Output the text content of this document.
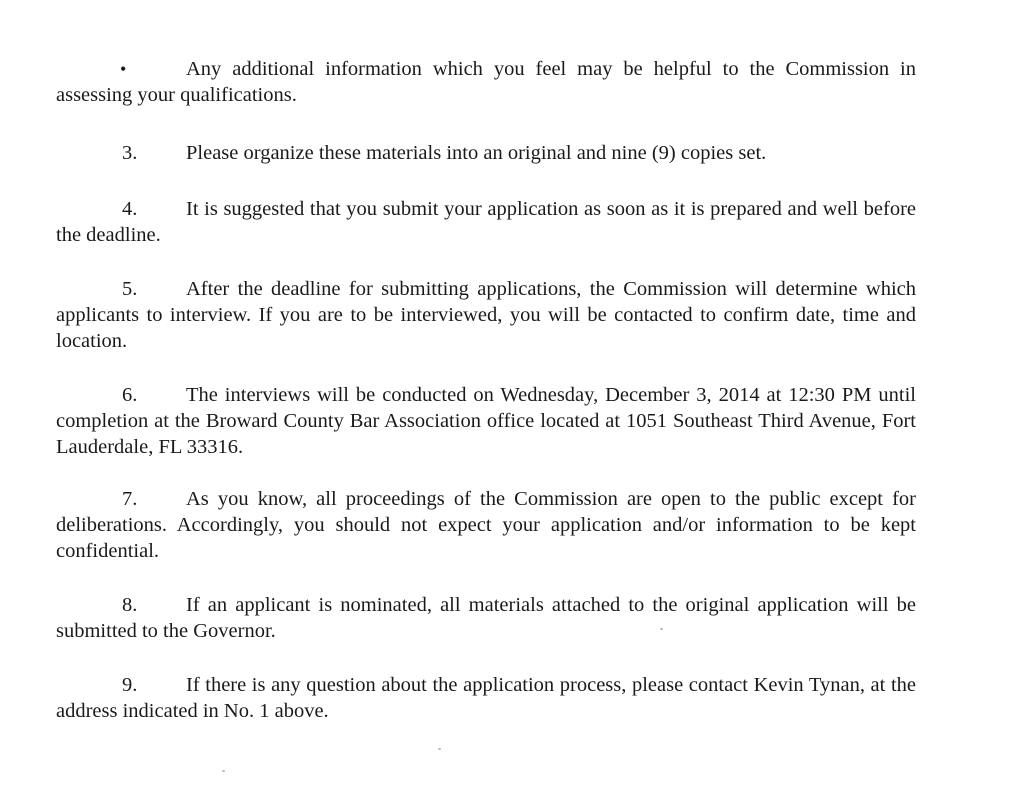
•	Any additional information which you feel may be helpful to the Commission in assessing your qualifications.
3. Please organize these materials into an original and nine (9) copies set.
4. It is suggested that you submit your application as soon as it is prepared and well before the deadline.
5. After the deadline for submitting applications, the Commission will determine which applicants to interview. If you are to be interviewed, you will be contacted to confirm date, time and location.
6. The interviews will be conducted on Wednesday, December 3, 2014 at 12:30 PM until completion at the Broward County Bar Association office located at 1051 Southeast Third Avenue, Fort Lauderdale, FL 33316.
7. As you know, all proceedings of the Commission are open to the public except for deliberations. Accordingly, you should not expect your application and/or information to be kept confidential.
8. If an applicant is nominated, all materials attached to the original application will be submitted to the Governor.
9. If there is any question about the application process, please contact Kevin Tynan, at the address indicated in No. 1 above.
